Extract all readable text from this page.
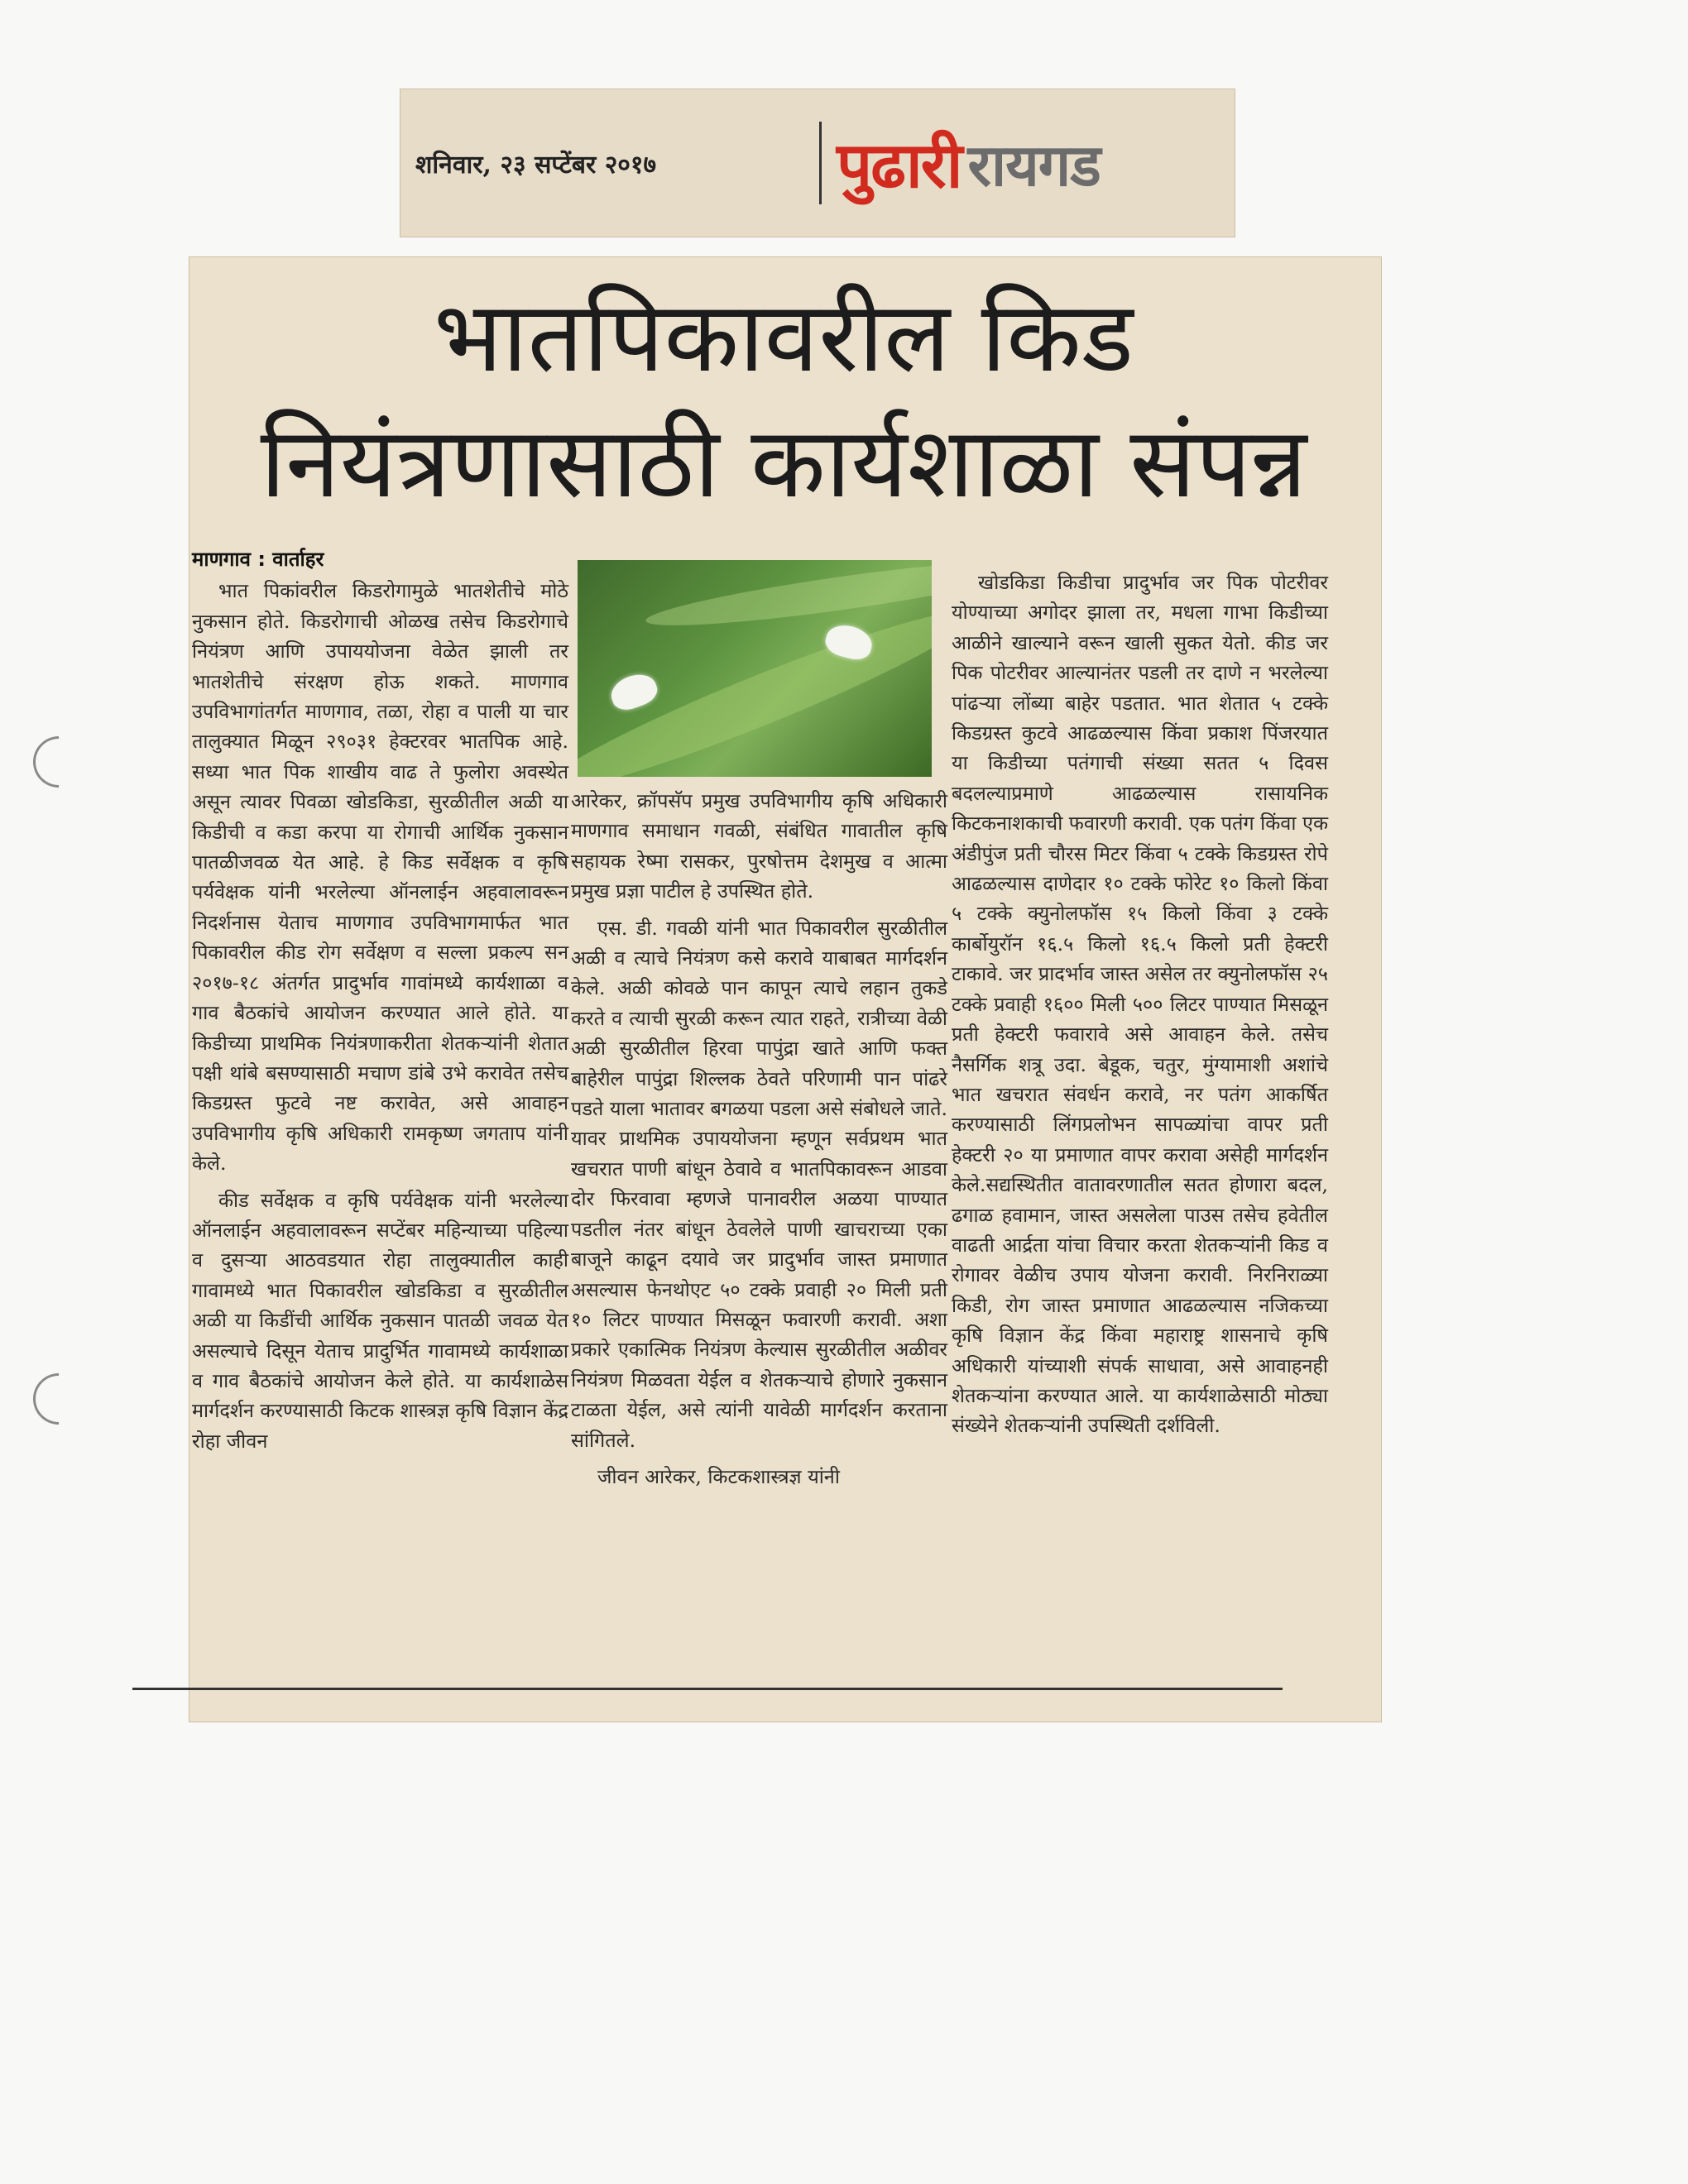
शनिवार, २३ सप्टेंबर २०१७	पुढारी रायगड
भातपिकावरील किड
नियंत्रणासाठी कार्यशाळा संपन्न
माणगाव : वार्ताहर

भात पिकांवरील किडरोगामुळे भातशेतीचे मोठे नुकसान होते. किडरोगाची ओळख तसेच किडरोगाचे नियंत्रण आणि उपाययोजना वेळेत झाली तर भातशेतीचे संरक्षण होऊ शकते. माणगाव उपविभागांतर्गत माणगाव, तळा, रोहा व पाली या चार तालुक्यात मिळून २९०३१ हेक्टरवर भातपिक आहे. सध्या भात पिक शाखीय वाढ ते फुलोरा अवस्थेत असून त्यावर पिवळा खोडकिडा, सुरळीतील अळी या किडीची व कडा करपा या रोगाची आर्थिक नुकसान पातळीजवळ येत आहे. हे किड सर्वेक्षक व कृषि पर्यवेक्षक यांनी भरलेल्या ऑनलाईन अहवालावरून निदर्शनास येताच माणगाव उपविभागमार्फत भात पिकावरील कीड रोग सर्वेक्षण व सल्ला प्रकल्प सन २०१७-१८ अंतर्गत प्रादुर्भाव गावांमध्ये कार्यशाळा व गाव बैठकांचे आयोजन करण्यात आले होते. या किडीच्या प्राथमिक नियंत्रणाकरीता शेतकऱ्यांनी शेतात पक्षी थांबे बसण्यासाठी मचाण डांबे उभे करावेत तसेच किडग्रस्त फुटवे नष्ट करावेत, असे आवाहन उपविभागीय कृषि अधिकारी रामकृष्ण जगताप यांनी केले.

कीड सर्वेक्षक व कृषि पर्यवेक्षक यांनी भरलेल्या ऑनलाईन अहवालावरून सप्टेंबर महिन्याच्या पहिल्या व दुसऱ्या आठवडयात रोहा तालुक्यातील काही गावामध्ये भात पिकावरील खोडकिडा व सुरळीतील अळी या किडींची आर्थिक नुकसान पातळी जवळ येत असल्याचे दिसून येताच प्रादुर्भित गावामध्ये कार्यशाळा व गाव बैठकांचे आयोजन केले होते. या कार्यशाळेस मार्गदर्शन करण्यासाठी किटक शास्त्रज्ञ कृषि विज्ञान केंद्र रोहा जीवन

आरेकर, क्रॉपसॅप प्रमुख उपविभागीय कृषि अधिकारी माणगाव समाधान गवळी, संबंधित गावातील कृषि सहायक रेष्मा रासकर, पुरषोत्तम देशमुख व आत्मा प्रमुख प्रज्ञा पाटील हे उपस्थित होते.

एस. डी. गवळी यांनी भात पिकावरील सुरळीतील अळी व त्याचे नियंत्रण कसे करावे याबाबत मार्गदर्शन केले. अळी कोवळे पान कापून त्याचे लहान तुकडे करते व त्याची सुरळी करून त्यात राहते, रात्रीच्या वेळी अळी सुरळीतील हिरवा पापुंद्रा खाते आणि फक्त बाहेरील पापुंद्रा शिल्लक ठेवते परिणामी पान पांढरे पडते याला भातावर बगळया पडला असे संबोधले जाते. यावर प्राथमिक उपाययोजना म्हणून सर्वप्रथम भात खचरात पाणी बांधून ठेवावे व भातपिकावरून आडवा दोर फिरवावा म्हणजे पानावरील अळया पाण्यात पडतील नंतर बांधून ठेवलेले पाणी खाचराच्या एका बाजूने काढून दयावे जर प्रादुर्भाव जास्त प्रमाणात असल्यास फेनथोएट ५० टक्के प्रवाही २० मिली प्रती १० लिटर पाण्यात मिसळून फवारणी करावी. अशा प्रकारे एकात्मिक नियंत्रण केल्यास सुरळीतील अळीवर नियंत्रण मिळवता येईल व शेतकऱ्याचे होणारे नुकसान टाळता येईल, असे त्यांनी यावेळी मार्गदर्शन करताना सांगितले.

जीवन आरेकर, किटकशास्त्रज्ञ यांनी

खोडकिडा किडीचा प्रादुर्भाव जर पिक पोटरीवर योण्याच्या अगोदर झाला तर, मधला गाभा किडीच्या आळीने खाल्याने वरून खाली सुकत येतो. कीड जर पिक पोटरीवर आल्यानंतर पडली तर दाणे न भरलेल्या पांढऱ्या लोंब्या बाहेर पडतात. भात शेतात ५ टक्के किडग्रस्त कुटवे आढळल्यास किंवा प्रकाश पिंजरयात या किडीच्या पतंगाची संख्या सतत ५ दिवस बदलल्याप्रमाणे आढळल्यास रासायनिक किटकनाशकाची फवारणी करावी. एक पतंग किंवा एक अंडीपुंज प्रती चौरस मिटर किंवा ५ टक्के किडग्रस्त रोपे आढळल्यास दाणेदार १० टक्के फोरेट १० किलो किंवा ५ टक्के क्युनोलफॉस १५ किलो किंवा ३ टक्के कार्बोयुरॉन १६.५ किलो १६.५ किलो प्रती हेक्टरी टाकावे. जर प्रादर्भाव जास्त असेल तर क्युनोलफॉस २५ टक्के प्रवाही १६०० मिली ५०० लिटर पाण्यात मिसळून प्रती हेक्टरी फवारावे असे आवाहन केले. तसेच नैसर्गिक शत्रू उदा. बेडूक, चतुर, मुंग्यामाशी अशांचे भात खचरात संवर्धन करावे, नर पतंग आकर्षित करण्यासाठी लिंगप्रलोभन सापळ्यांचा वापर प्रती हेक्टरी २० या प्रमाणात वापर करावा असेही मार्गदर्शन केले.सद्यस्थितीत वातावरणातील सतत होणारा बदल, ढगाळ हवामान, जास्त असलेला पाउस तसेच हवेतील वाढती आर्द्रता यांचा विचार करता शेतकऱ्यांनी किड व रोगावर वेळीच उपाय योजना करावी. निरनिराळ्या किडी, रोग जास्त प्रमाणात आढळल्यास नजिकच्या कृषि विज्ञान केंद्र किंवा महाराष्ट्र शासनाचे कृषि अधिकारी यांच्याशी संपर्क साधावा, असे आवाहनही शेतकऱ्यांना करण्यात आले. या कार्यशाळेसाठी मोठ्या संख्येने शेतकऱ्यांनी उपस्थिती दर्शविली.
